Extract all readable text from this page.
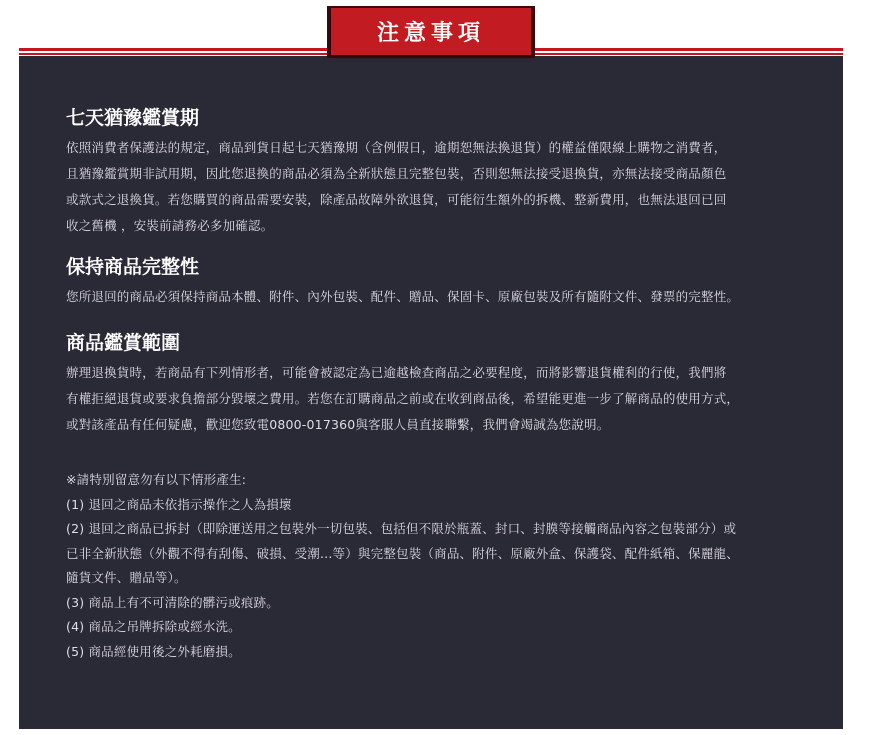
注意事項
七天猶豫鑑賞期

依照消費者保護法的規定，商品到貨日起七天猶豫期（含例假日，逾期恕無法換退貨）的權益僅限線上購物之消費者，
且猶豫鑑賞期非試用期，因此您退換的商品必須為全新狀態且完整包裝，否則恕無法接受退換貨，亦無法接受商品顏色
或款式之退換貨。若您購買的商品需要安裝，除產品故障外欲退貨，可能衍生額外的拆機、整新費用，也無法退回已回
收之舊機 ，安裝前請務必多加確認。

保持商品完整性

您所退回的商品必須保持商品本體、附件、內外包裝、配件、贈品、保固卡、原廠包裝及所有隨附文件、發票的完整性。

商品鑑賞範圍

辦理退換貨時，若商品有下列情形者，可能會被認定為已逾越檢查商品之必要程度，而將影響退貨權利的行使，我們將
有權拒絕退貨或要求負擔部分毀壞之費用。若您在訂購商品之前或在收到商品後，希望能更進一步了解商品的使用方式，
或對該產品有任何疑慮，歡迎您致電0800-017360與客服人員直接聯繫，我們會竭誠為您說明。

※請特別留意勿有以下情形產生:
(1) 退回之商品未依指示操作之人為損壞
(2) 退回之商品已拆封（即除運送用之包裝外一切包裝、包括但不限於瓶蓋、封口、封膜等接觸商品內容之包裝部分）或
已非全新狀態（外觀不得有刮傷、破損、受潮...等）與完整包裝（商品、附件、原廠外盒、保護袋、配件紙箱、保麗龍、
隨貨文件、贈品等）。
(3) 商品上有不可清除的髒污或痕跡。
(4) 商品之吊牌拆除或經水洗。
(5) 商品經使用後之外耗磨損。
